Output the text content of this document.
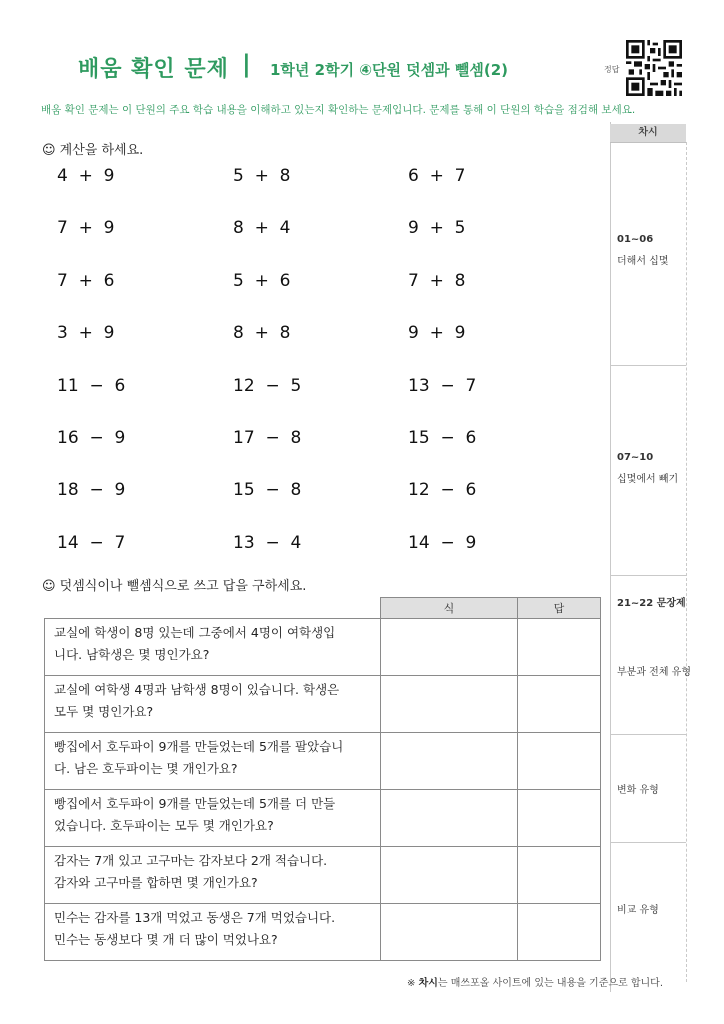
배움 확인 문제 | 1학년 2학기 ④단원 덧셈과 뺄셈(2)	정답
배움 확인 문제는 이 단원의 주요 학습 내용을 이해하고 있는지 확인하는 문제입니다. 문제를 통해 이 단원의 학습을 점검해 보세요.
차시
01~06
더해서 십몇
07~10
십몇에서 빼기
21~22 문장제
부분과 전체 유형
변화 유형
비교 유형
☺ 계산을 하세요.
4  +  9	5  +  8	6  +  7
7  +  9	8  +  4	9  +  5
7  +  6	5  +  6	7  +  8
3  +  9	8  +  8	9  +  9
11  −  6	12  −  5	13  −  7
16  −  9	17  −  8	15  −  6
18  −  9	15  −  8	12  −  6
14  −  7	13  −  4	14  −  9
☺ 덧셈식이나 뺄셈식으로 쓰고 답을 구하세요.
	식	답

교실에 학생이 8명 있는데 그중에서 4명이 여학생입
니다. 남학생은 몇 명인가요?		

교실에 여학생 4명과 남학생 8명이 있습니다. 학생은
모두 몇 명인가요?		

빵집에서 호두파이 9개를 만들었는데 5개를 팔았습니
다. 남은 호두파이는 몇 개인가요?		

빵집에서 호두파이 9개를 만들었는데 5개를 더 만들
었습니다. 호두파이는 모두 몇 개인가요?		

감자는 7개 있고 고구마는 감자보다 2개 적습니다.
감자와 고구마를 합하면 몇 개인가요?		

민수는 감자를 13개 먹었고 동생은 7개 먹었습니다.
민수는 동생보다 몇 개 더 많이 먹었나요?		

※ 차시는 매쓰포올 사이트에 있는 내용을 기준으로 합니다.
